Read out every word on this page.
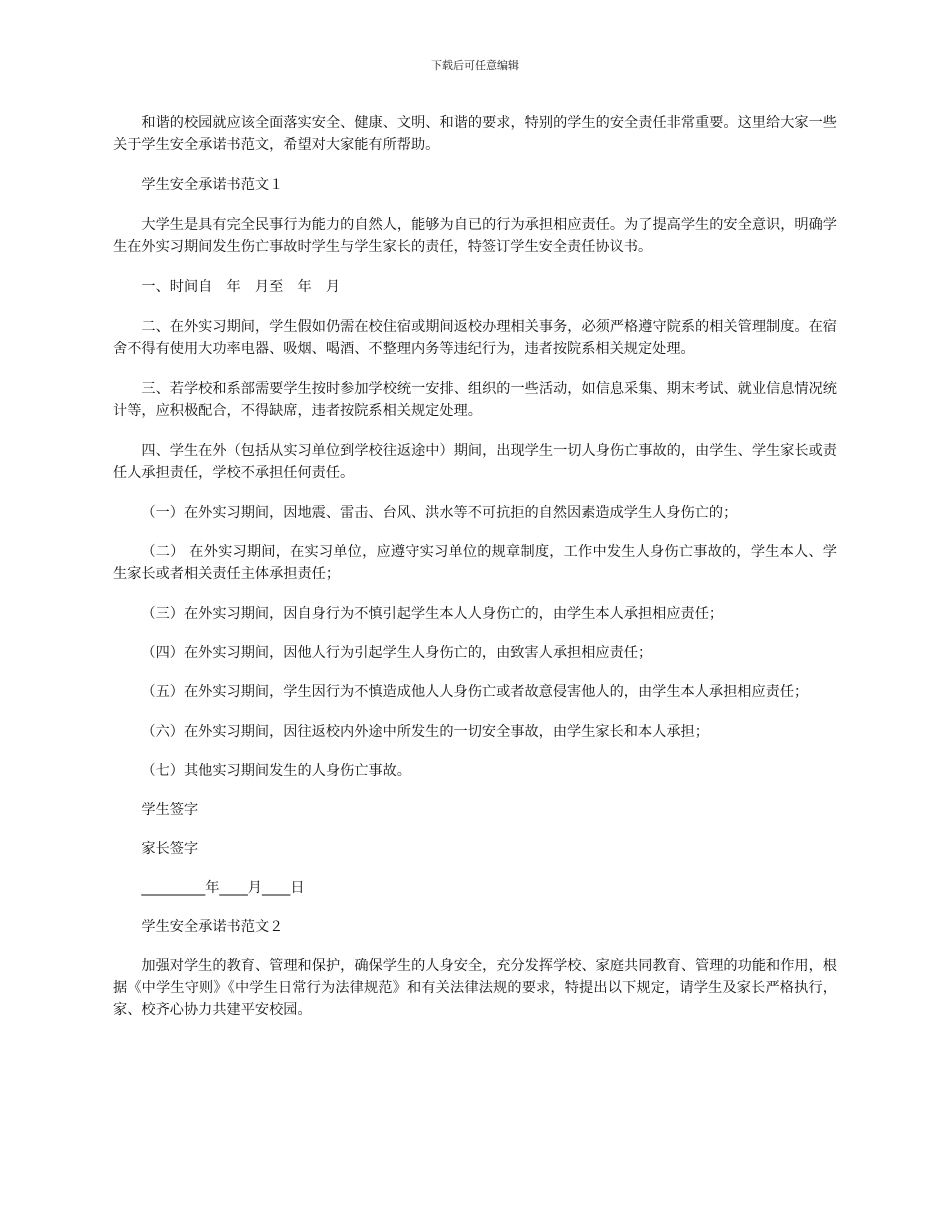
下载后可任意编辑

和谐的校园就应该全面落实安全、健康、文明、和谐的要求，特别的学生的安全责任非常重要。这里给大家一些关于学生安全承诺书范文，希望对大家能有所帮助。

学生安全承诺书范文１

大学生是具有完全民事行为能力的自然人，能够为自已的行为承担相应责任。为了提高学生的安全意识，明确学生在外实习期间发生伤亡事故时学生与学生家长的责任，特签订学生安全责任协议书。

一、时间自　年　月至　年　月

二、在外实习期间，学生假如仍需在校住宿或期间返校办理相关事务，必须严格遵守院系的相关管理制度。在宿舍不得有使用大功率电器、吸烟、喝酒、不整理内务等违纪行为，违者按院系相关规定处理。

三、若学校和系部需要学生按时参加学校统一安排、组织的一些活动，如信息采集、期末考试、就业信息情况统计等，应积极配合，不得缺席，违者按院系相关规定处理。

四、学生在外（包括从实习单位到学校往返途中）期间，出现学生一切人身伤亡事故的，由学生、学生家长或责任人承担责任，学校不承担任何责任。

（一）在外实习期间，因地震、雷击、台风、洪水等不可抗拒的自然因素造成学生人身伤亡的；

（二） 在外实习期间，在实习单位，应遵守实习单位的规章制度，工作中发生人身伤亡事故的，学生本人、学生家长或者相关责任主体承担责任；

（三）在外实习期间，因自身行为不慎引起学生本人人身伤亡的，由学生本人承担相应责任；

（四）在外实习期间，因他人行为引起学生人身伤亡的，由致害人承担相应责任；

（五）在外实习期间，学生因行为不慎造成他人人身伤亡或者故意侵害他人的，由学生本人承担相应责任；

（六）在外实习期间，因往返校内外途中所发生的一切安全事故，由学生家长和本人承担；

（七）其他实习期间发生的人身伤亡事故。

学生签字

家长签字

_________年____月____日

学生安全承诺书范文２

加强对学生的教育、管理和保护，确保学生的人身安全，充分发挥学校、家庭共同教育、管理的功能和作用，根据《中学生守则》《中学生日常行为法律规范》和有关法律法规的要求，特提出以下规定，请学生及家长严格执行，家、校齐心协力共建平安校园。
